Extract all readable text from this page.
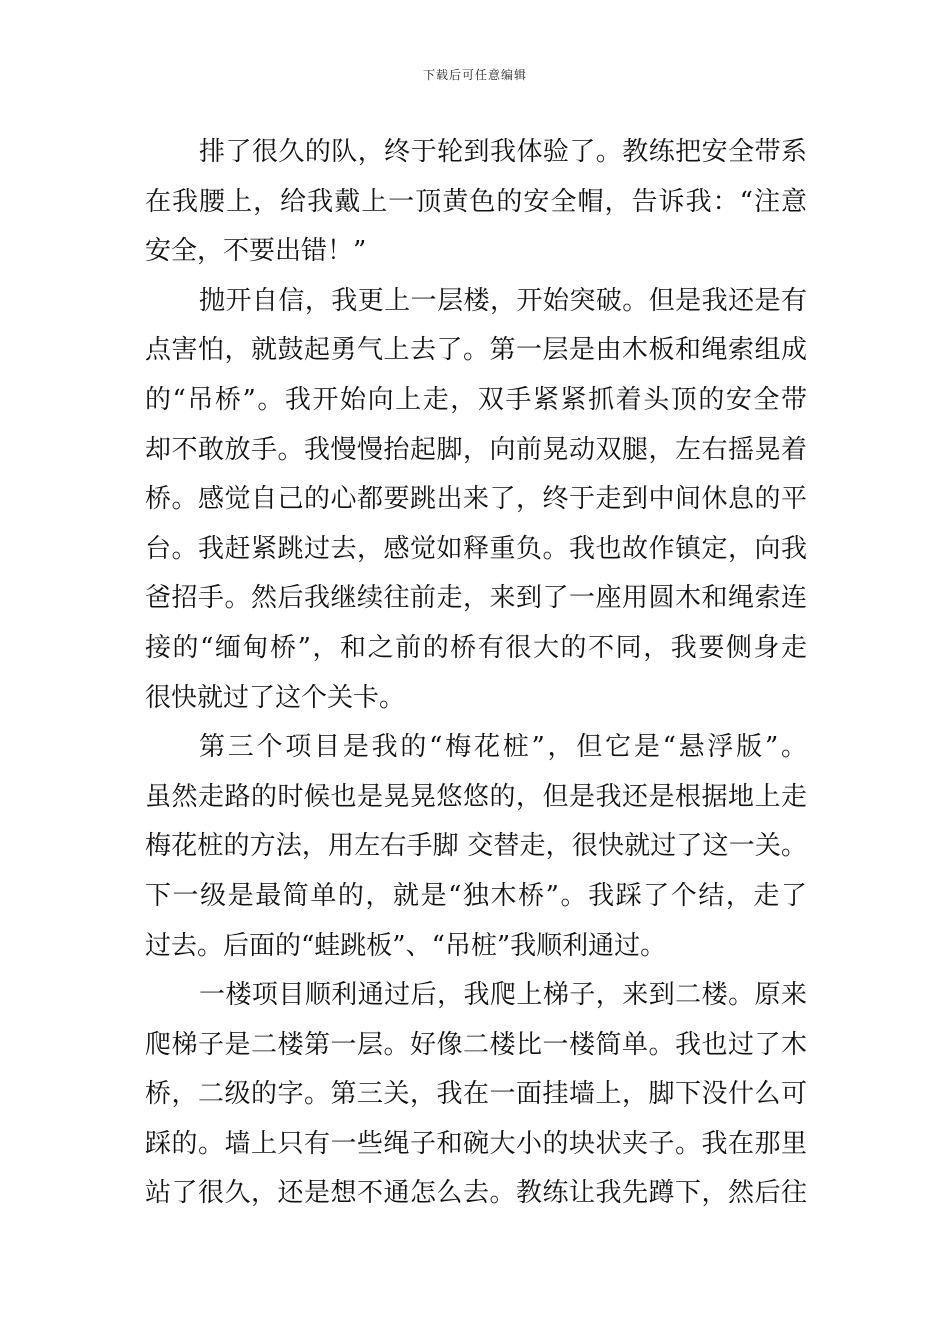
下载后可任意编辑
排了很久的队，终于轮到我体验了。教练把安全带系
在我腰上，给我戴上一顶黄色的安全帽，告诉我：“注意
安全，不要出错！”
抛开自信，我更上一层楼，开始突破。但是我还是有
点害怕，就鼓起勇气上去了。第一层是由木板和绳索组成
的“吊桥”。我开始向上走，双手紧紧抓着头顶的安全带
却不敢放手。我慢慢抬起脚，向前晃动双腿，左右摇晃着
桥。感觉自己的心都要跳出来了，终于走到中间休息的平
台。我赶紧跳过去，感觉如释重负。我也故作镇定，向我
爸招手。然后我继续往前走，来到了一座用圆木和绳索连
接的“缅甸桥”，和之前的桥有很大的不同，我要侧身走
很快就过了这个关卡。
第三个项目是我的“梅花桩”，但它是“悬浮版”。
虽然走路的时候也是晃晃悠悠的，但是我还是根据地上走
梅花桩的方法，用左右手脚 交替走，很快就过了这一关。
下一级是最简单的，就是“独木桥”。我踩了个结，走了
过去。后面的“蛙跳板”、“吊桩”我顺利通过。
一楼项目顺利通过后，我爬上梯子，来到二楼。原来
爬梯子是二楼第一层。好像二楼比一楼简单。我也过了木
桥，二级的字。第三关，我在一面挂墙上，脚下没什么可
踩的。墙上只有一些绳子和碗大小的块状夹子。我在那里
站了很久，还是想不通怎么去。教练让我先蹲下，然后往
